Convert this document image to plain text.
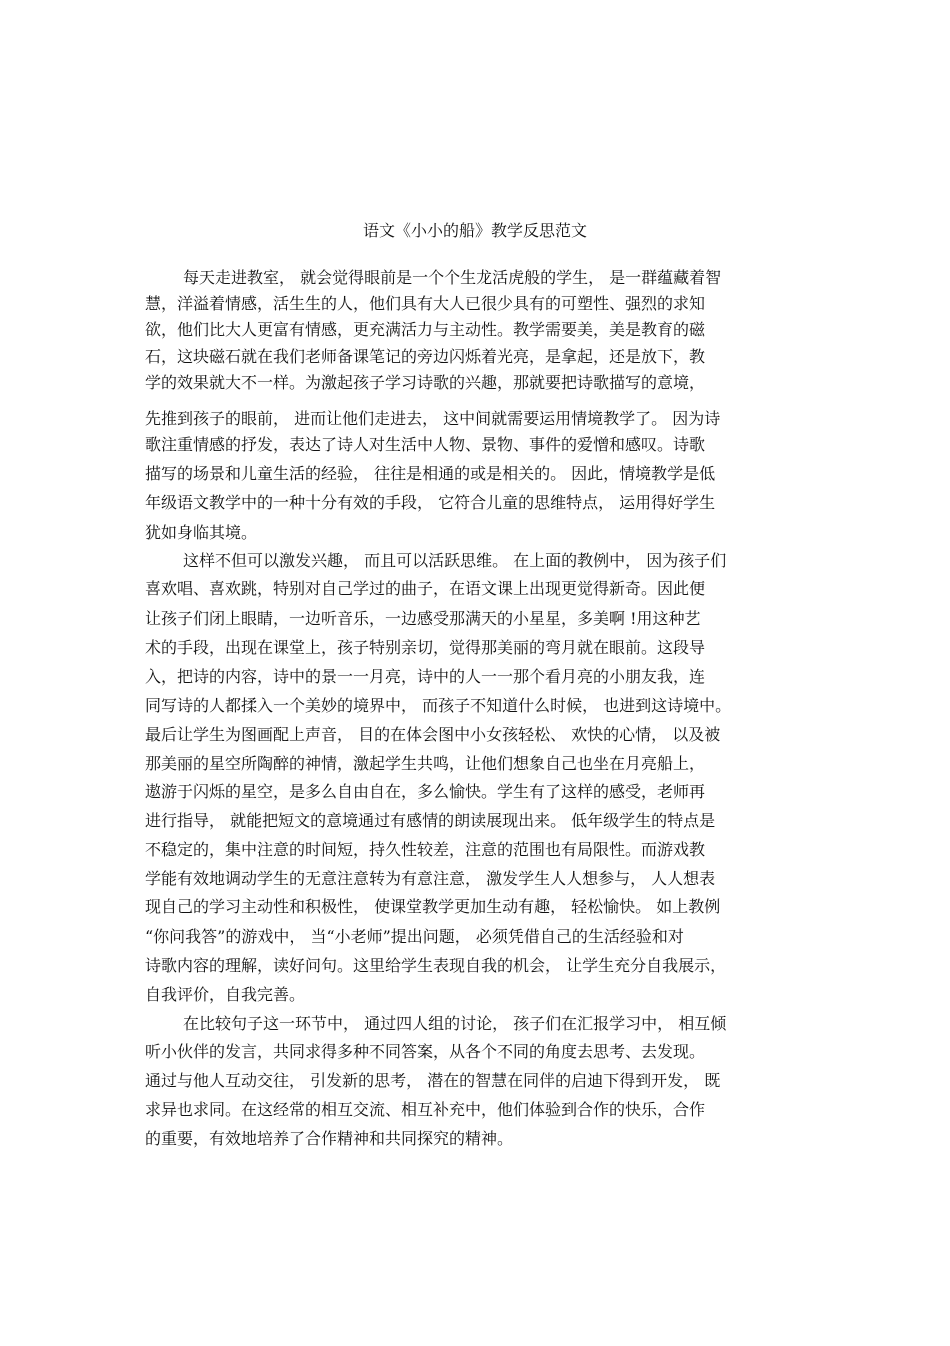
语文《小小的船》教学反思范文
每天走进教室， 就会觉得眼前是一个个生龙活虎般的学生， 是一群蕴藏着智
慧，洋溢着情感，活生生的人，他们具有大人已很少具有的可塑性、强烈的求知
欲，他们比大人更富有情感，更充满活力与主动性。教学需要美，美是教育的磁
石，这块磁石就在我们老师备课笔记的旁边闪烁着光亮，是拿起，还是放下，教
学的效果就大不一样。为激起孩子学习诗歌的兴趣，那就要把诗歌描写的意境，
先推到孩子的眼前， 进而让他们走进去， 这中间就需要运用情境教学了。 因为诗
歌注重情感的抒发，表达了诗人对生活中人物、景物、事件的爱憎和感叹。诗歌
描写的场景和儿童生活的经验， 往往是相通的或是相关的。 因此，情境教学是低
年级语文教学中的一种十分有效的手段， 它符合儿童的思维特点， 运用得好学生
犹如身临其境。
这样不但可以激发兴趣， 而且可以活跃思维。 在上面的教例中， 因为孩子们
喜欢唱、喜欢跳，特别对自己学过的曲子，在语文课上出现更觉得新奇。因此便
让孩子们闭上眼睛，一边听音乐，一边感受那满天的小星星，多美啊 !用这种艺
术的手段，出现在课堂上，孩子特别亲切，觉得那美丽的弯月就在眼前。这段导
入，把诗的内容，诗中的景一一月亮，诗中的人一一那个看月亮的小朋友我，连
同写诗的人都揉入一个美妙的境界中， 而孩子不知道什么时候， 也进到这诗境中。
最后让学生为图画配上声音， 目的在体会图中小女孩轻松、 欢快的心情， 以及被
那美丽的星空所陶醉的神情，激起学生共鸣，让他们想象自己也坐在月亮船上，
遨游于闪烁的星空，是多么自由自在，多么愉快。学生有了这样的感受，老师再
进行指导， 就能把短文的意境通过有感情的朗读展现出来。 低年级学生的特点是
不稳定的，集中注意的时间短，持久性较差，注意的范围也有局限性。而游戏教
学能有效地调动学生的无意注意转为有意注意， 激发学生人人想参与， 人人想表
现自己的学习主动性和积极性， 使课堂教学更加生动有趣， 轻松愉快。 如上教例
“你问我答”的游戏中， 当“小老师”提出问题， 必须凭借自己的生活经验和对
诗歌内容的理解，读好问句。这里给学生表现自我的机会， 让学生充分自我展示，
自我评价，自我完善。
在比较句子这一环节中， 通过四人组的讨论， 孩子们在汇报学习中， 相互倾
听小伙伴的发言，共同求得多种不同答案，从各个不同的角度去思考、去发现。
通过与他人互动交往， 引发新的思考， 潜在的智慧在同伴的启迪下得到开发， 既
求异也求同。在这经常的相互交流、相互补充中，他们体验到合作的快乐，合作
的重要，有效地培养了合作精神和共同探究的精神。
